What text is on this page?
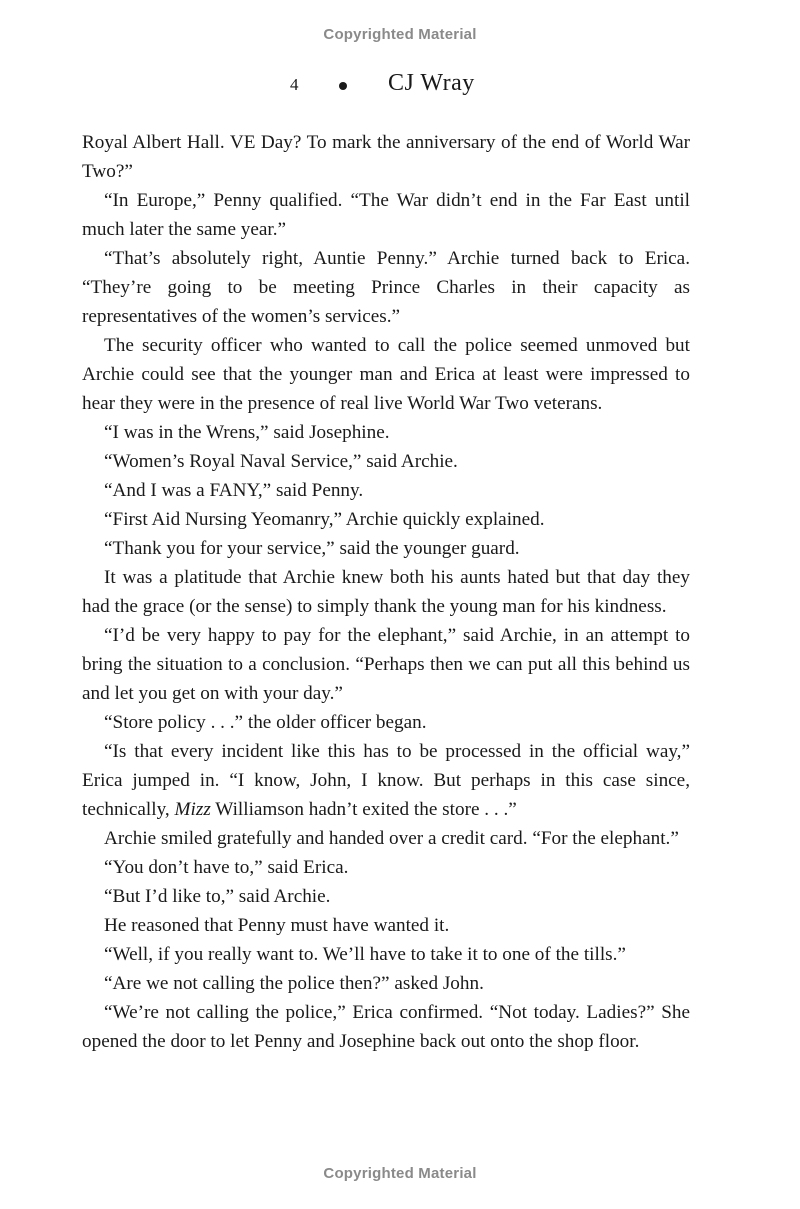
Copyrighted Material
4	CJ Wray

Royal Albert Hall. VE Day? To mark the anniversary of the end of World War Two?”

“In Europe,” Penny qualified. “The War didn’t end in the Far East until much later the same year.”

“That’s absolutely right, Auntie Penny.” Archie turned back to Erica. “They’re going to be meeting Prince Charles in their capacity as representatives of the women’s services.”

The security officer who wanted to call the police seemed unmoved but Archie could see that the younger man and Erica at least were impressed to hear they were in the presence of real live World War Two veterans.

“I was in the Wrens,” said Josephine.

“Women’s Royal Naval Service,” said Archie.

“And I was a FANY,” said Penny.

“First Aid Nursing Yeomanry,” Archie quickly explained.

“Thank you for your service,” said the younger guard.

It was a platitude that Archie knew both his aunts hated but that day they had the grace (or the sense) to simply thank the young man for his kindness.

“I’d be very happy to pay for the elephant,” said Archie, in an attempt to bring the situation to a conclusion. “Perhaps then we can put all this behind us and let you get on with your day.”

“Store policy . . .” the older officer began.

“Is that every incident like this has to be processed in the official way,” Erica jumped in. “I know, John, I know. But perhaps in this case since, technically, Mizz Williamson hadn’t exited the store . . .”

Archie smiled gratefully and handed over a credit card. “For the elephant.”

“You don’t have to,” said Erica.

“But I’d like to,” said Archie.

He reasoned that Penny must have wanted it.

“Well, if you really want to. We’ll have to take it to one of the tills.”

“Are we not calling the police then?” asked John.

“We’re not calling the police,” Erica confirmed. “Not today. Ladies?” She opened the door to let Penny and Josephine back out onto the shop floor.

Copyrighted Material
